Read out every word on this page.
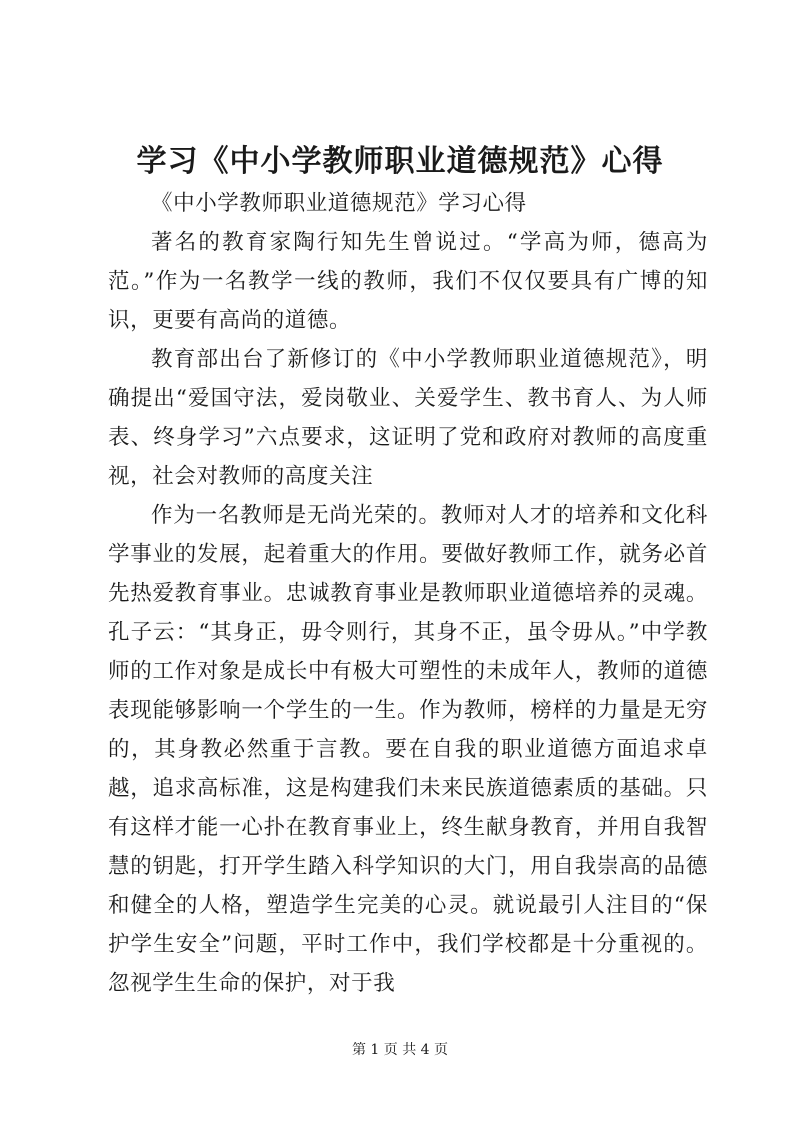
学习《中小学教师职业道德规范》心得

《中小学教师职业道德规范》学习心得

著名的教育家陶行知先生曾说过。“学高为师，德高为范。”作为一名教学一线的教师，我们不仅仅要具有广博的知识，更要有高尚的道德。

教育部出台了新修订的《中小学教师职业道德规范》，明确提出“爱国守法，爱岗敬业、关爱学生、教书育人、为人师表、终身学习”六点要求，这证明了党和政府对教师的高度重视，社会对教师的高度关注

作为一名教师是无尚光荣的。教师对人才的培养和文化科学事业的发展，起着重大的作用。要做好教师工作，就务必首先热爱教育事业。忠诚教育事业是教师职业道德培养的灵魂。孔子云：“其身正，毋令则行，其身不正，虽令毋从。”中学教师的工作对象是成长中有极大可塑性的未成年人，教师的道德表现能够影响一个学生的一生。作为教师，榜样的力量是无穷的，其身教必然重于言教。要在自我的职业道德方面追求卓越，追求高标准，这是构建我们未来民族道德素质的基础。只有这样才能一心扑在教育事业上，终生献身教育，并用自我智慧的钥匙，打开学生踏入科学知识的大门，用自我崇高的品德和健全的人格，塑造学生完美的心灵。就说最引人注目的“保护学生安全”问题，平时工作中，我们学校都是十分重视的。忽视学生生命的保护，对于我

第 1 页 共 4 页
